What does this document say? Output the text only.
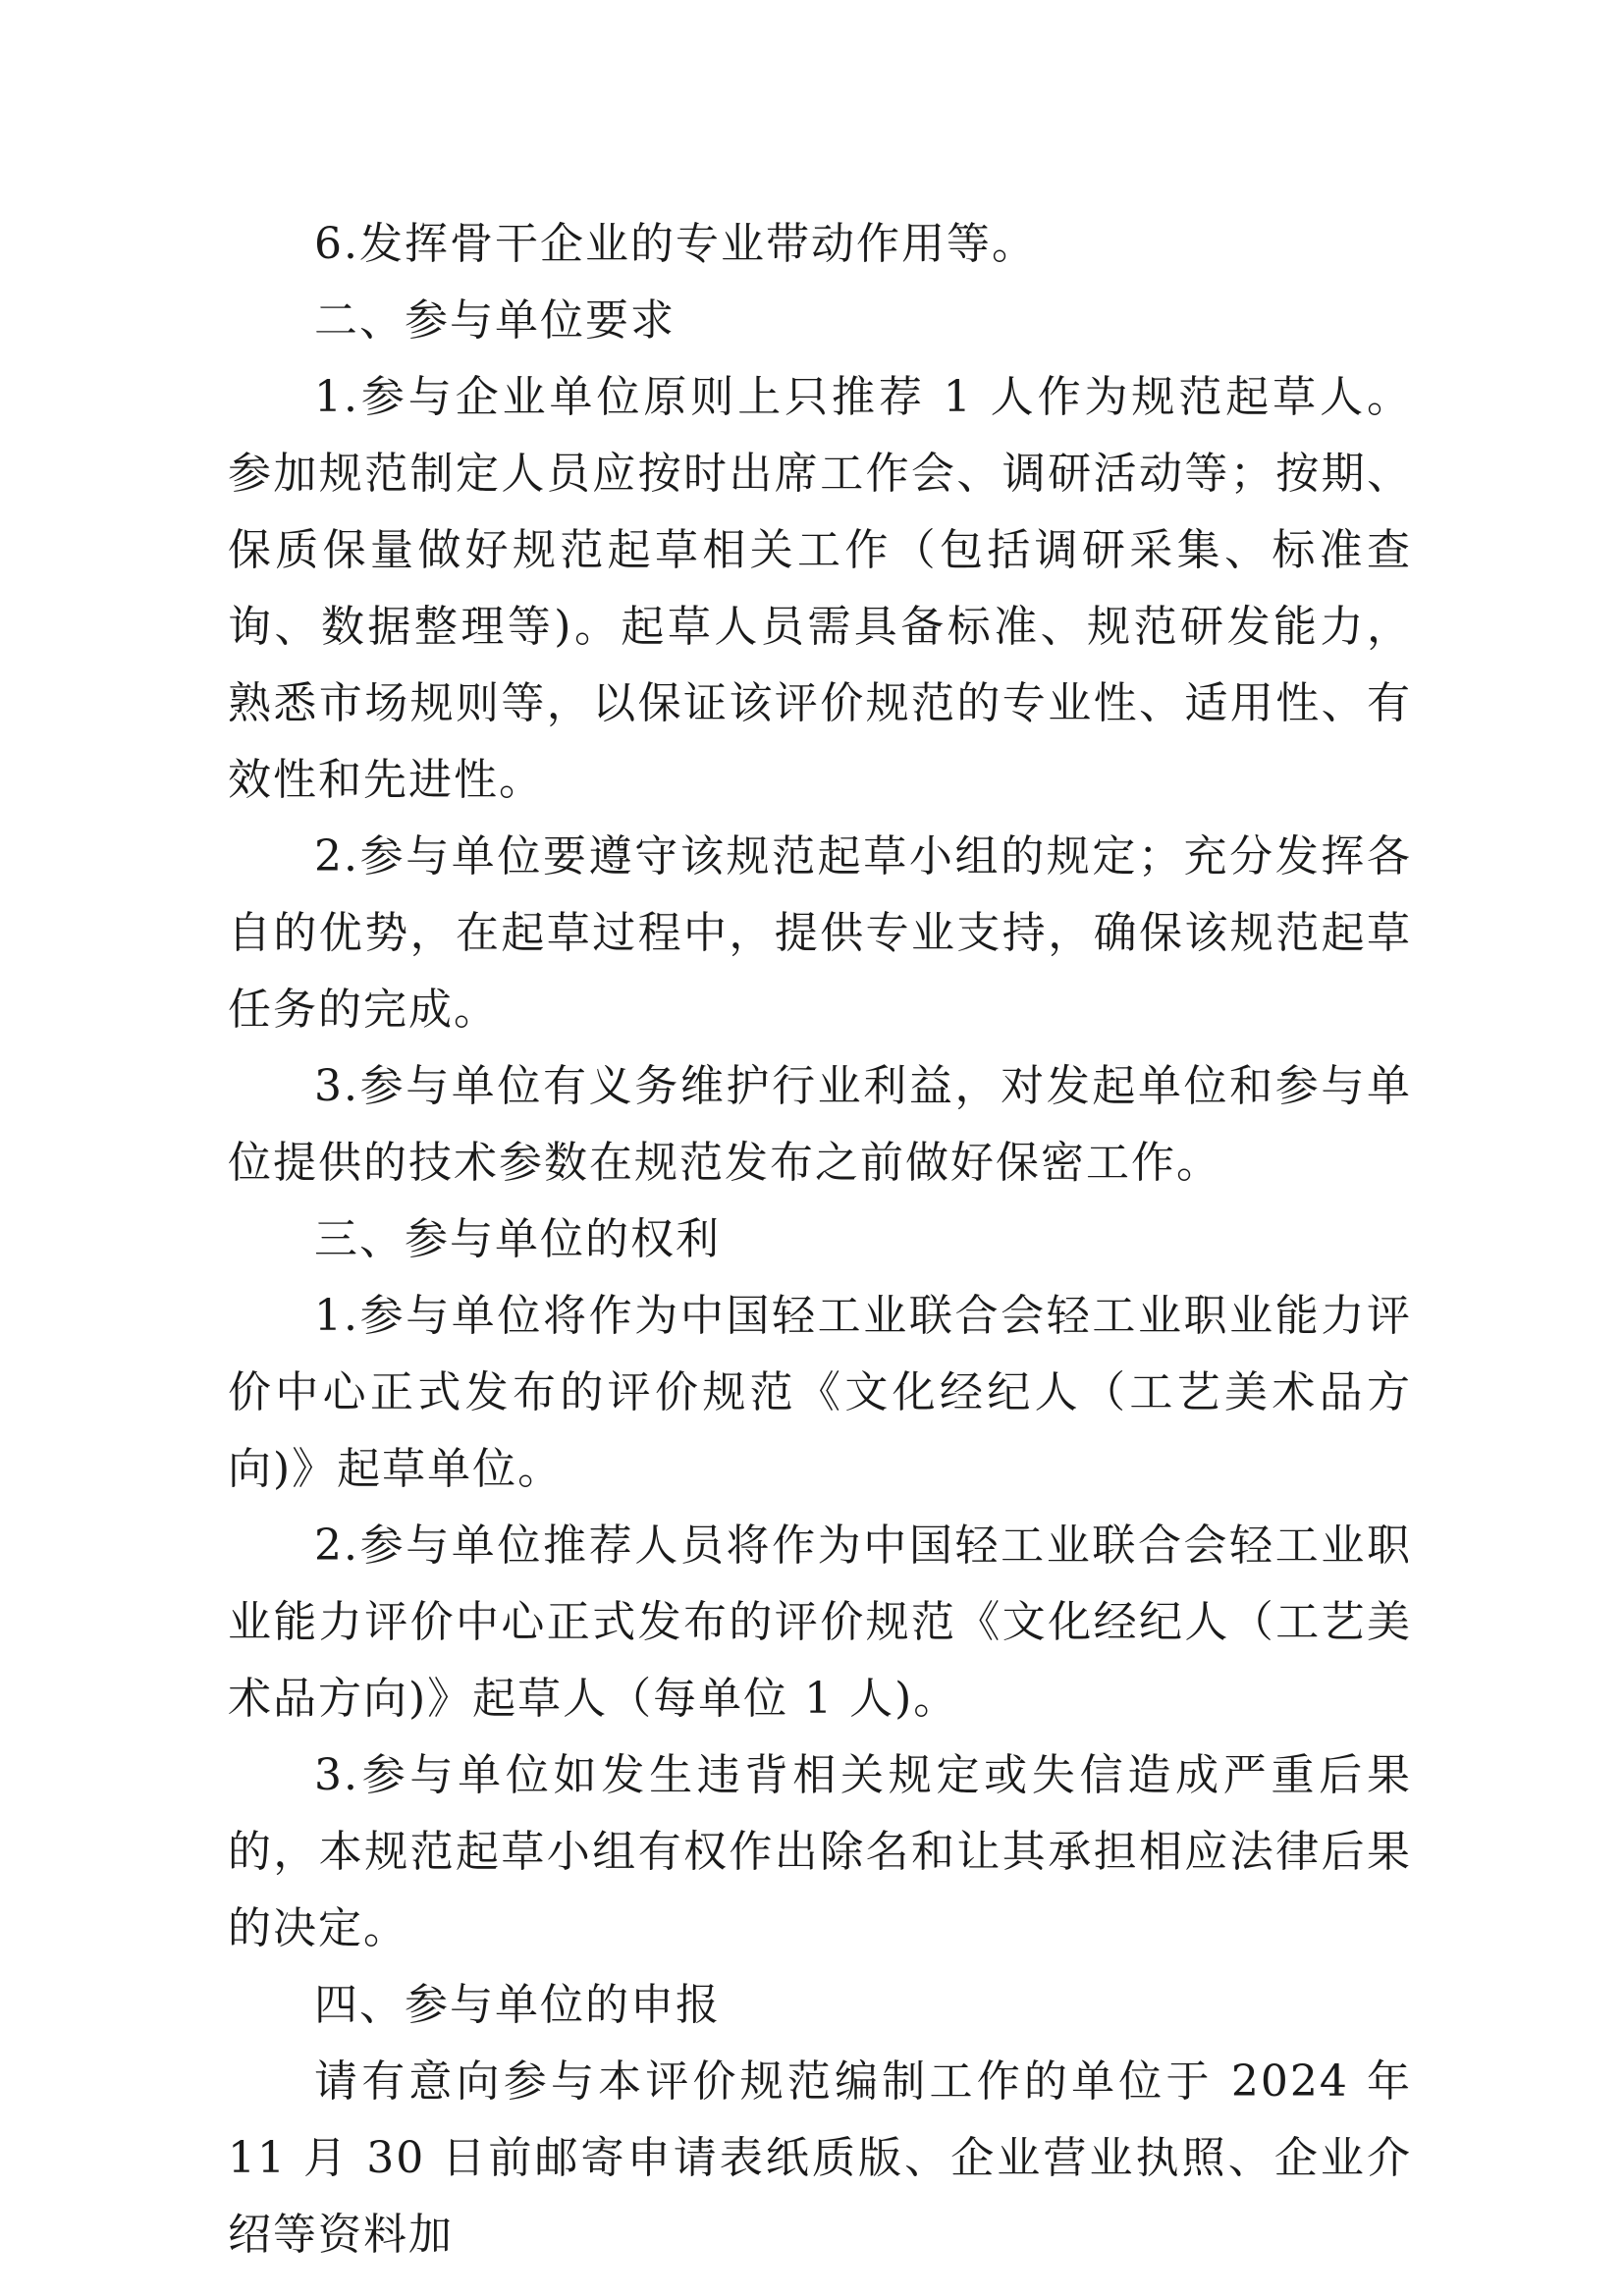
6.发挥骨干企业的专业带动作用等。

二、参与单位要求

1.参与企业单位原则上只推荐 1 人作为规范起草人。参加规范制定人员应按时出席工作会、调研活动等；按期、保质保量做好规范起草相关工作（包括调研采集、标准查询、数据整理等)。起草人员需具备标准、规范研发能力，熟悉市场规则等，以保证该评价规范的专业性、适用性、有效性和先进性。

2.参与单位要遵守该规范起草小组的规定；充分发挥各自的优势，在起草过程中，提供专业支持，确保该规范起草任务的完成。

3.参与单位有义务维护行业利益，对发起单位和参与单位提供的技术参数在规范发布之前做好保密工作。

三、参与单位的权利

1.参与单位将作为中国轻工业联合会轻工业职业能力评价中心正式发布的评价规范《文化经纪人（工艺美术品方向)》起草单位。

2.参与单位推荐人员将作为中国轻工业联合会轻工业职业能力评价中心正式发布的评价规范《文化经纪人（工艺美术品方向)》起草人（每单位 1 人)。

3.参与单位如发生违背相关规定或失信造成严重后果的，本规范起草小组有权作出除名和让其承担相应法律后果的决定。

四、参与单位的申报

请有意向参与本评价规范编制工作的单位于 2024 年 11 月 30 日前邮寄申请表纸质版、企业营业执照、企业介绍等资料加
